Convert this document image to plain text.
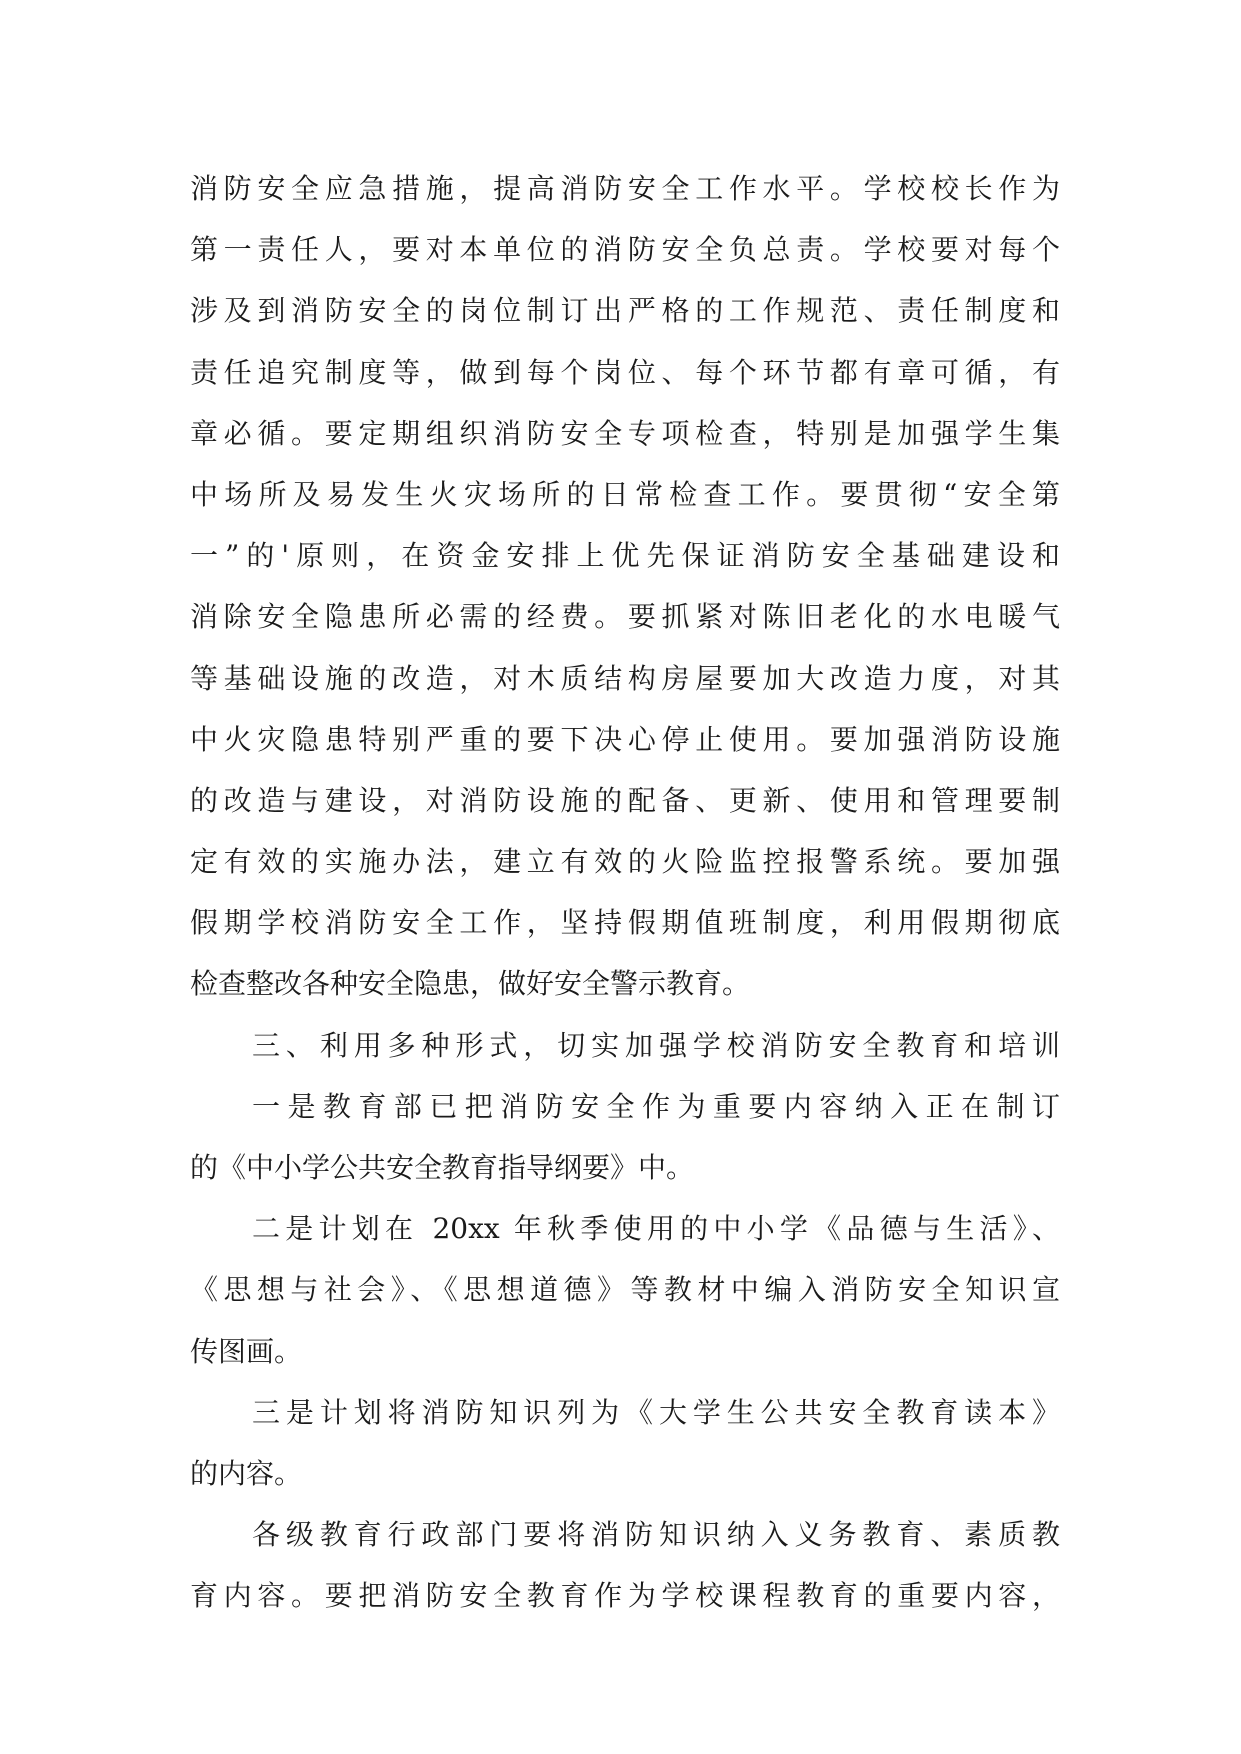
消防安全应急措施，提高消防安全工作水平。学校校长作为
第一责任人，要对本单位的消防安全负总责。学校要对每个
涉及到消防安全的岗位制订出严格的工作规范、责任制度和
责任追究制度等，做到每个岗位、每个环节都有章可循，有
章必循。要定期组织消防安全专项检查，特别是加强学生集
中场所及易发生火灾场所的日常检查工作。要贯彻“安全第
一”的'原则，在资金安排上优先保证消防安全基础建设和
消除安全隐患所必需的经费。要抓紧对陈旧老化的水电暖气
等基础设施的改造，对木质结构房屋要加大改造力度，对其
中火灾隐患特别严重的要下决心停止使用。要加强消防设施
的改造与建设，对消防设施的配备、更新、使用和管理要制
定有效的实施办法，建立有效的火险监控报警系统。要加强
假期学校消防安全工作，坚持假期值班制度，利用假期彻底
检查整改各种安全隐患，做好安全警示教育。
三、利用多种形式，切实加强学校消防安全教育和培训
一是教育部已把消防安全作为重要内容纳入正在制订
的《中小学公共安全教育指导纲要》中。
二是计划在 20xx 年秋季使用的中小学《品德与生活》、
《思想与社会》、《思想道德》等教材中编入消防安全知识宣
传图画。
三是计划将消防知识列为《大学生公共安全教育读本》
的内容。
各级教育行政部门要将消防知识纳入义务教育、素质教
育内容。要把消防安全教育作为学校课程教育的重要内容，
